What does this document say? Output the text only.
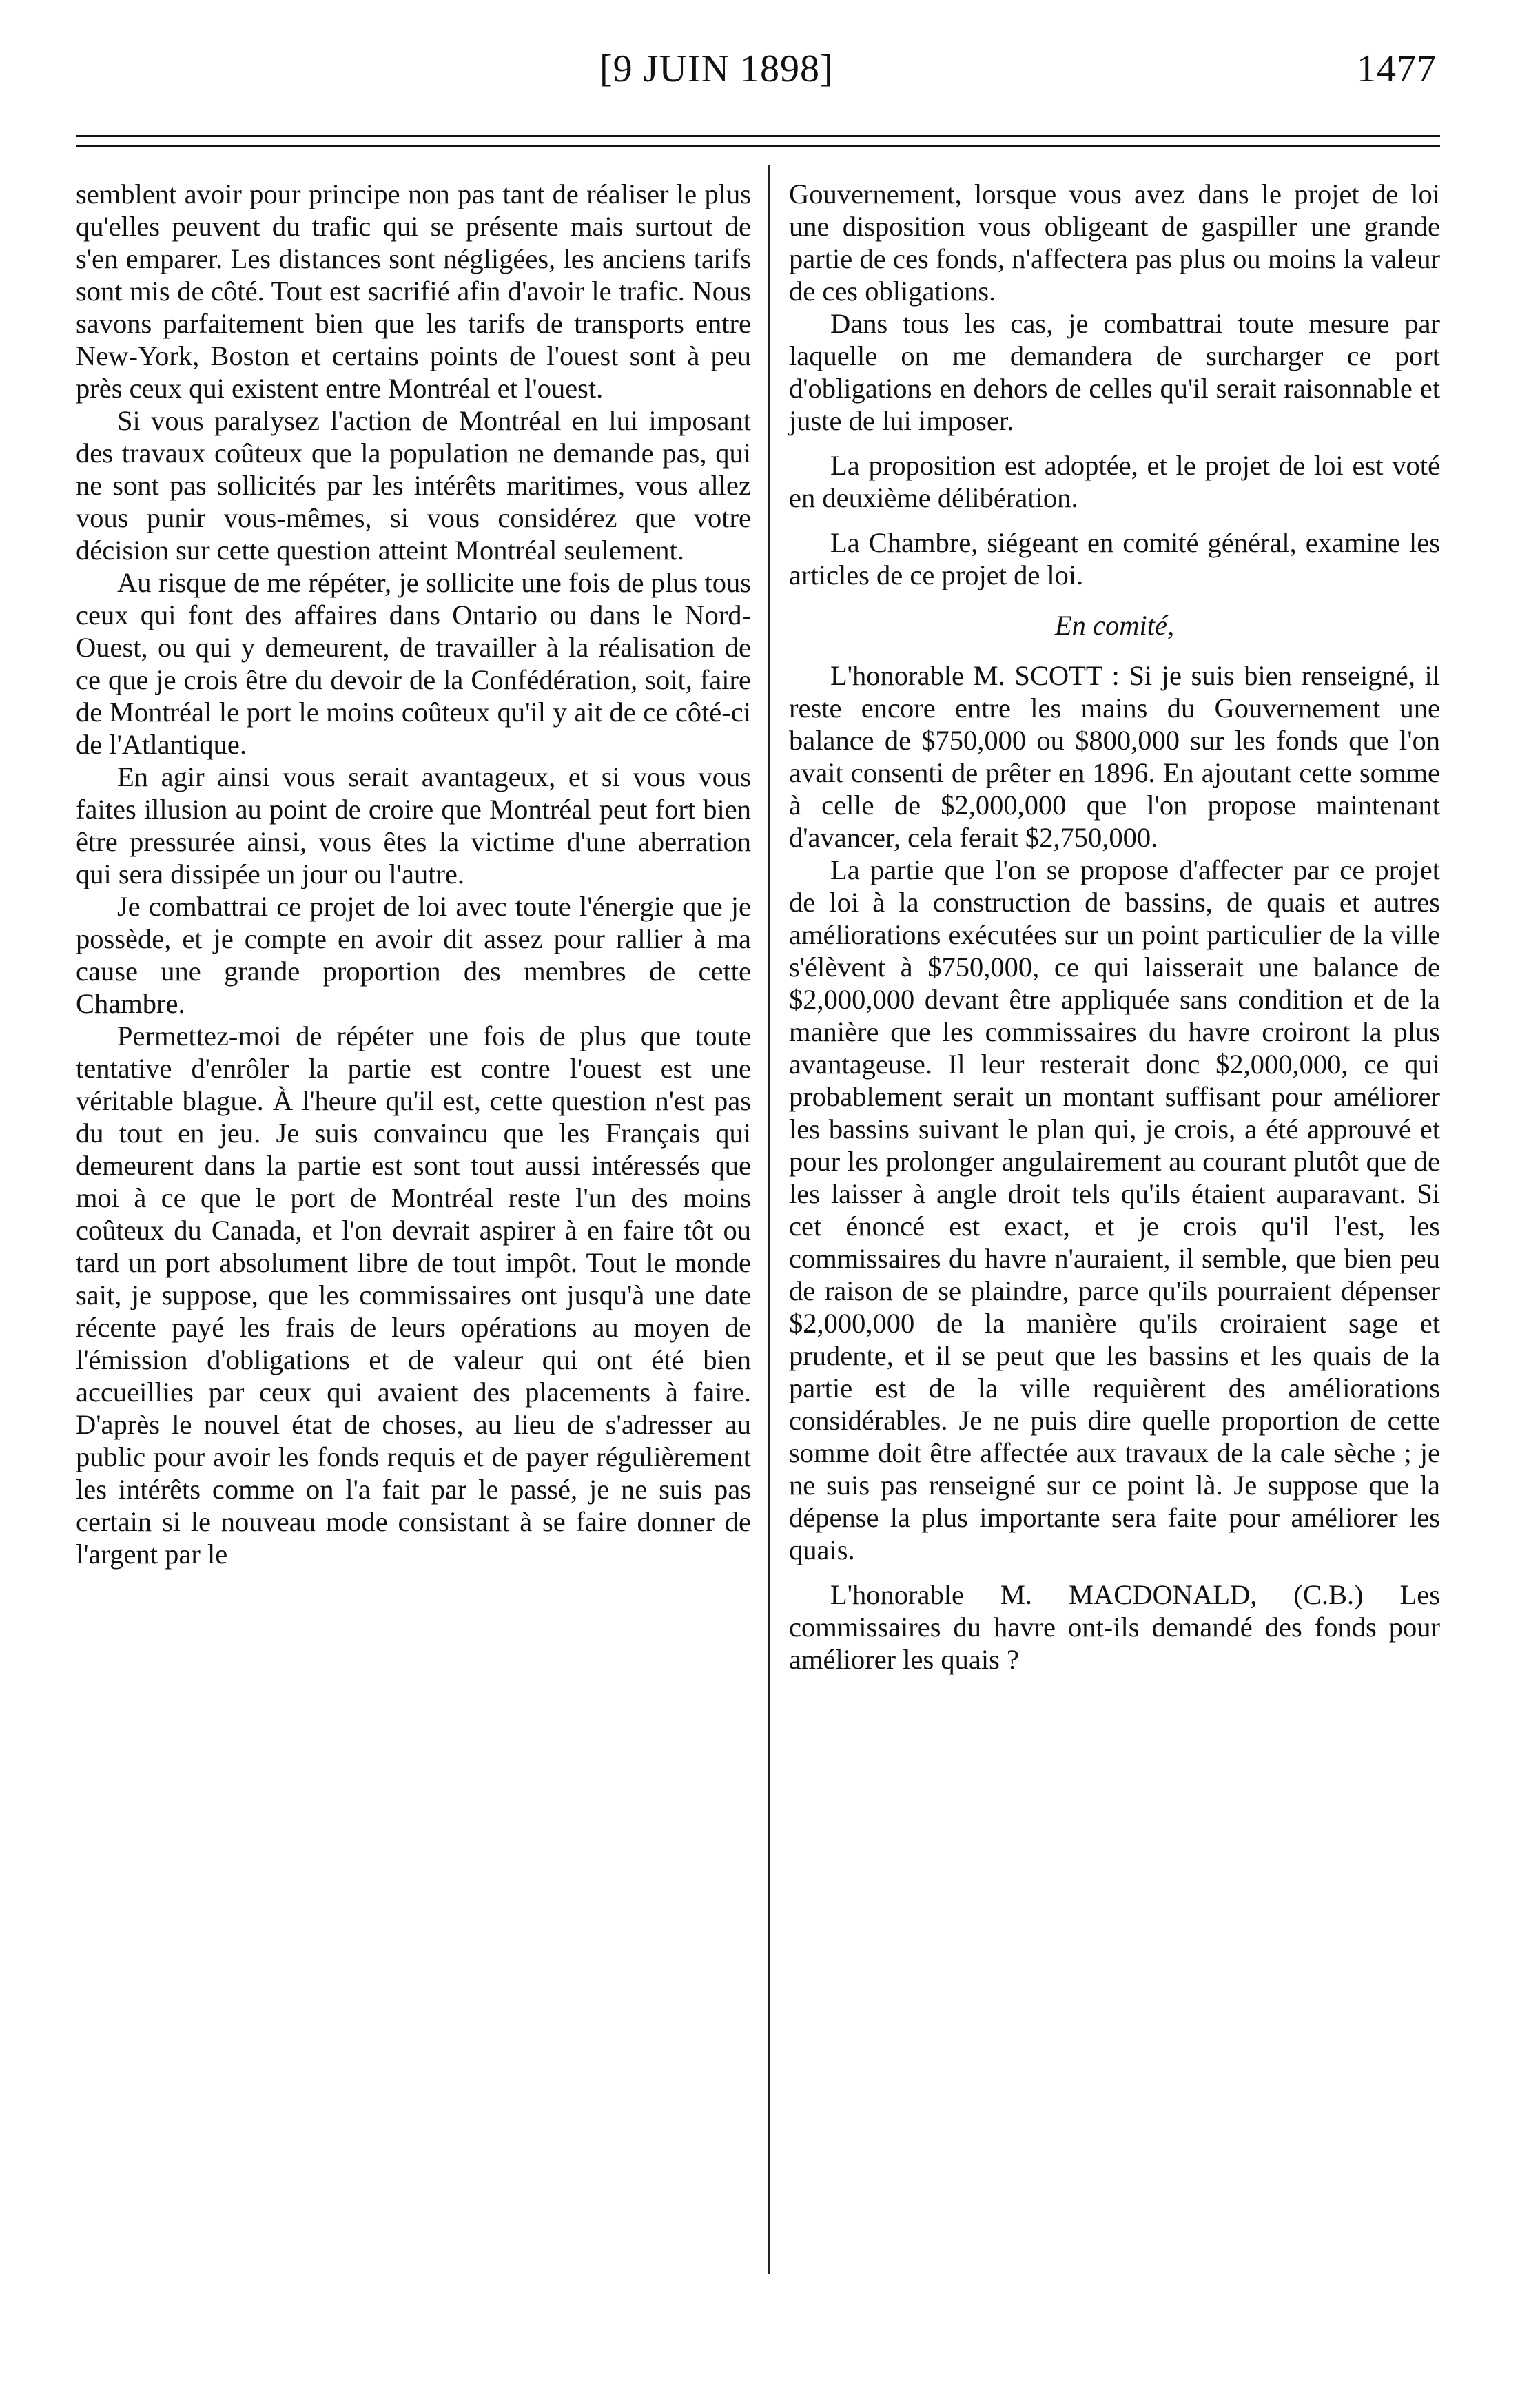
[9 JUIN 1898]	1477

semblent avoir pour principe non pas tant de réaliser le plus qu'elles peuvent du trafic qui se présente mais surtout de s'en emparer. Les distances sont négligées, les anciens tarifs sont mis de côté. Tout est sacrifié afin d'avoir le trafic. Nous savons parfaitement bien que les tarifs de transports entre New-York, Boston et certains points de l'ouest sont à peu près ceux qui existent entre Montréal et l'ouest.

Si vous paralysez l'action de Montréal en lui imposant des travaux coûteux que la population ne demande pas, qui ne sont pas sollicités par les intérêts maritimes, vous allez vous punir vous-mêmes, si vous considérez que votre décision sur cette question atteint Montréal seulement.

Au risque de me répéter, je sollicite une fois de plus tous ceux qui font des affaires dans Ontario ou dans le Nord-Ouest, ou qui y demeurent, de travailler à la réalisation de ce que je crois être du devoir de la Confédération, soit, faire de Montréal le port le moins coûteux qu'il y ait de ce côté-ci de l'Atlantique.

En agir ainsi vous serait avantageux, et si vous vous faites illusion au point de croire que Montréal peut fort bien être pressurée ainsi, vous êtes la victime d'une aberration qui sera dissipée un jour ou l'autre.

Je combattrai ce projet de loi avec toute l'énergie que je possède, et je compte en avoir dit assez pour rallier à ma cause une grande proportion des membres de cette Chambre.

Permettez-moi de répéter une fois de plus que toute tentative d'enrôler la partie est contre l'ouest est une véritable blague. À l'heure qu'il est, cette question n'est pas du tout en jeu. Je suis convaincu que les Français qui demeurent dans la partie est sont tout aussi intéressés que moi à ce que le port de Montréal reste l'un des moins coûteux du Canada, et l'on devrait aspirer à en faire tôt ou tard un port absolument libre de tout impôt. Tout le monde sait, je suppose, que les commissaires ont jusqu'à une date récente payé les frais de leurs opérations au moyen de l'émission d'obligations et de valeur qui ont été bien accueillies par ceux qui avaient des placements à faire. D'après le nouvel état de choses, au lieu de s'adresser au public pour avoir les fonds requis et de payer régulièrement les intérêts comme on l'a fait par le passé, je ne suis pas certain si le nouveau mode consistant à se faire donner de l'argent par le

Gouvernement, lorsque vous avez dans le projet de loi une disposition vous obligeant de gaspiller une grande partie de ces fonds, n'affectera pas plus ou moins la valeur de ces obligations.

Dans tous les cas, je combattrai toute mesure par laquelle on me demandera de surcharger ce port d'obligations en dehors de celles qu'il serait raisonnable et juste de lui imposer.

La proposition est adoptée, et le projet de loi est voté en deuxième délibération.

La Chambre, siégeant en comité général, examine les articles de ce projet de loi.

En comité,

L'honorable M. SCOTT : Si je suis bien renseigné, il reste encore entre les mains du Gouvernement une balance de $750,000 ou $800,000 sur les fonds que l'on avait consenti de prêter en 1896. En ajoutant cette somme à celle de $2,000,000 que l'on propose maintenant d'avancer, cela ferait $2,750,000.

La partie que l'on se propose d'affecter par ce projet de loi à la construction de bassins, de quais et autres améliorations exécutées sur un point particulier de la ville s'élèvent à $750,000, ce qui laisserait une balance de $2,000,000 devant être appliquée sans condition et de la manière que les commissaires du havre croiront la plus avantageuse. Il leur resterait donc $2,000,000, ce qui probablement serait un montant suffisant pour améliorer les bassins suivant le plan qui, je crois, a été approuvé et pour les prolonger angulairement au courant plutôt que de les laisser à angle droit tels qu'ils étaient auparavant. Si cet énoncé est exact, et je crois qu'il l'est, les commissaires du havre n'auraient, il semble, que bien peu de raison de se plaindre, parce qu'ils pourraient dépenser $2,000,000 de la manière qu'ils croiraient sage et prudente, et il se peut que les bassins et les quais de la partie est de la ville requièrent des améliorations considérables. Je ne puis dire quelle proportion de cette somme doit être affectée aux travaux de la cale sèche ; je ne suis pas renseigné sur ce point là. Je suppose que la dépense la plus importante sera faite pour améliorer les quais.

L'honorable M. MACDONALD, (C.B.) Les commissaires du havre ont-ils demandé des fonds pour améliorer les quais ?
